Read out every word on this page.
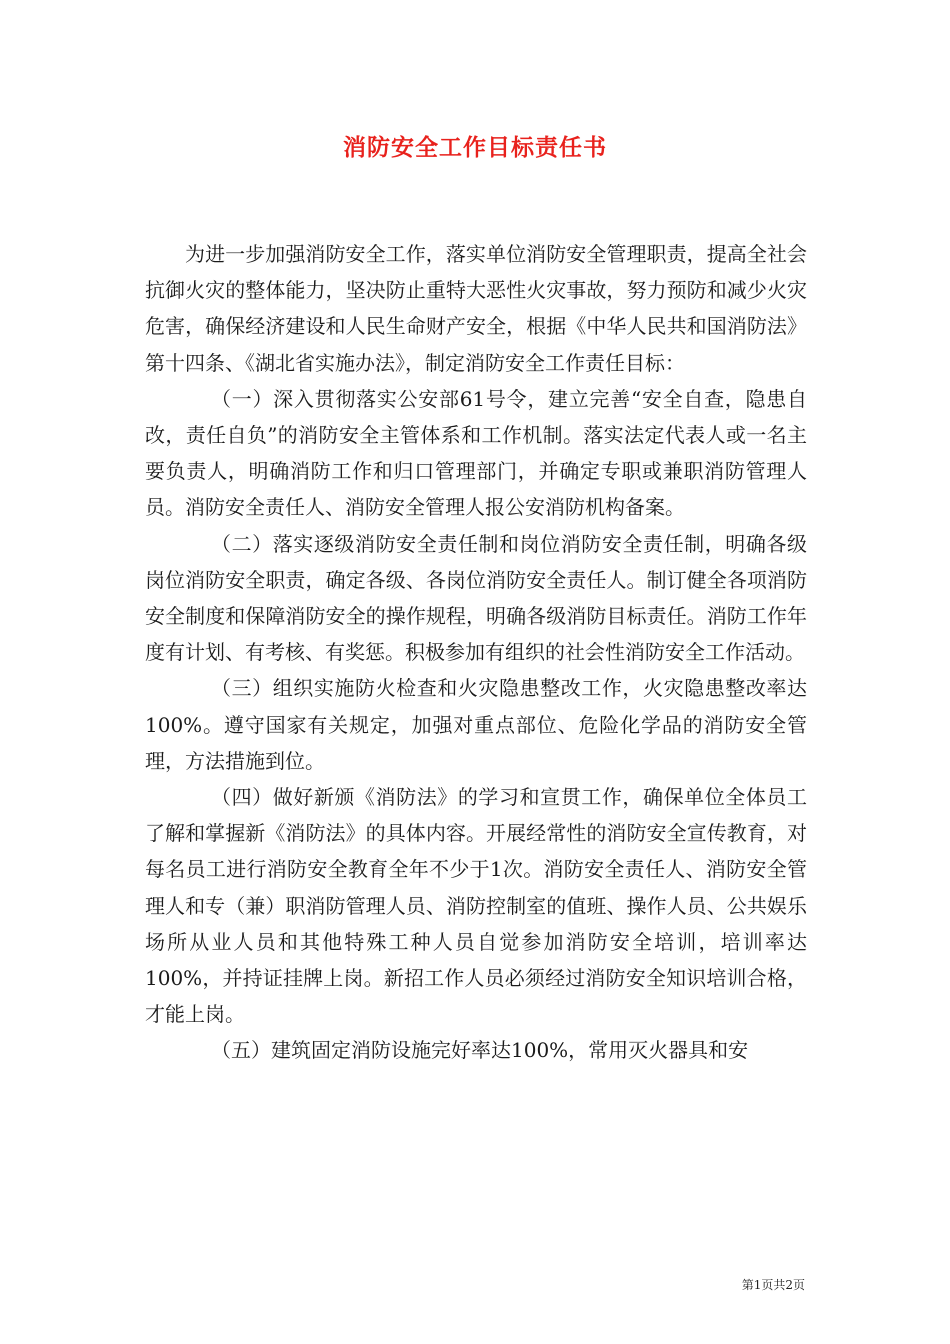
消防安全工作目标责任书

为进一步加强消防安全工作，落实单位消防安全管理职责，提高全社会抗御火灾的整体能力，坚决防止重特大恶性火灾事故，努力预防和减少火灾危害，确保经济建设和人民生命财产安全，根据《中华人民共和国消防法》第十四条、《湖北省实施办法》，制定消防安全工作责任目标：

（一）深入贯彻落实公安部61号令，建立完善“安全自查，隐患自改，责任自负”的消防安全主管体系和工作机制。落实法定代表人或一名主要负责人，明确消防工作和归口管理部门，并确定专职或兼职消防管理人员。消防安全责任人、消防安全管理人报公安消防机构备案。

（二）落实逐级消防安全责任制和岗位消防安全责任制，明确各级岗位消防安全职责，确定各级、各岗位消防安全责任人。制订健全各项消防安全制度和保障消防安全的操作规程，明确各级消防目标责任。消防工作年度有计划、有考核、有奖惩。积极参加有组织的社会性消防安全工作活动。

（三）组织实施防火检查和火灾隐患整改工作，火灾隐患整改率达100%。遵守国家有关规定，加强对重点部位、危险化学品的消防安全管理，方法措施到位。

（四）做好新颁《消防法》的学习和宣贯工作，确保单位全体员工了解和掌握新《消防法》的具体内容。开展经常性的消防安全宣传教育，对每名员工进行消防安全教育全年不少于1次。消防安全责任人、消防安全管理人和专（兼）职消防管理人员、消防控制室的值班、操作人员、公共娱乐场所从业人员和其他特殊工种人员自觉参加消防安全培训，培训率达100%，并持证挂牌上岗。新招工作人员必须经过消防安全知识培训合格，才能上岗。

（五）建筑固定消防设施完好率达100%，常用灭火器具和安

第1页共2页
